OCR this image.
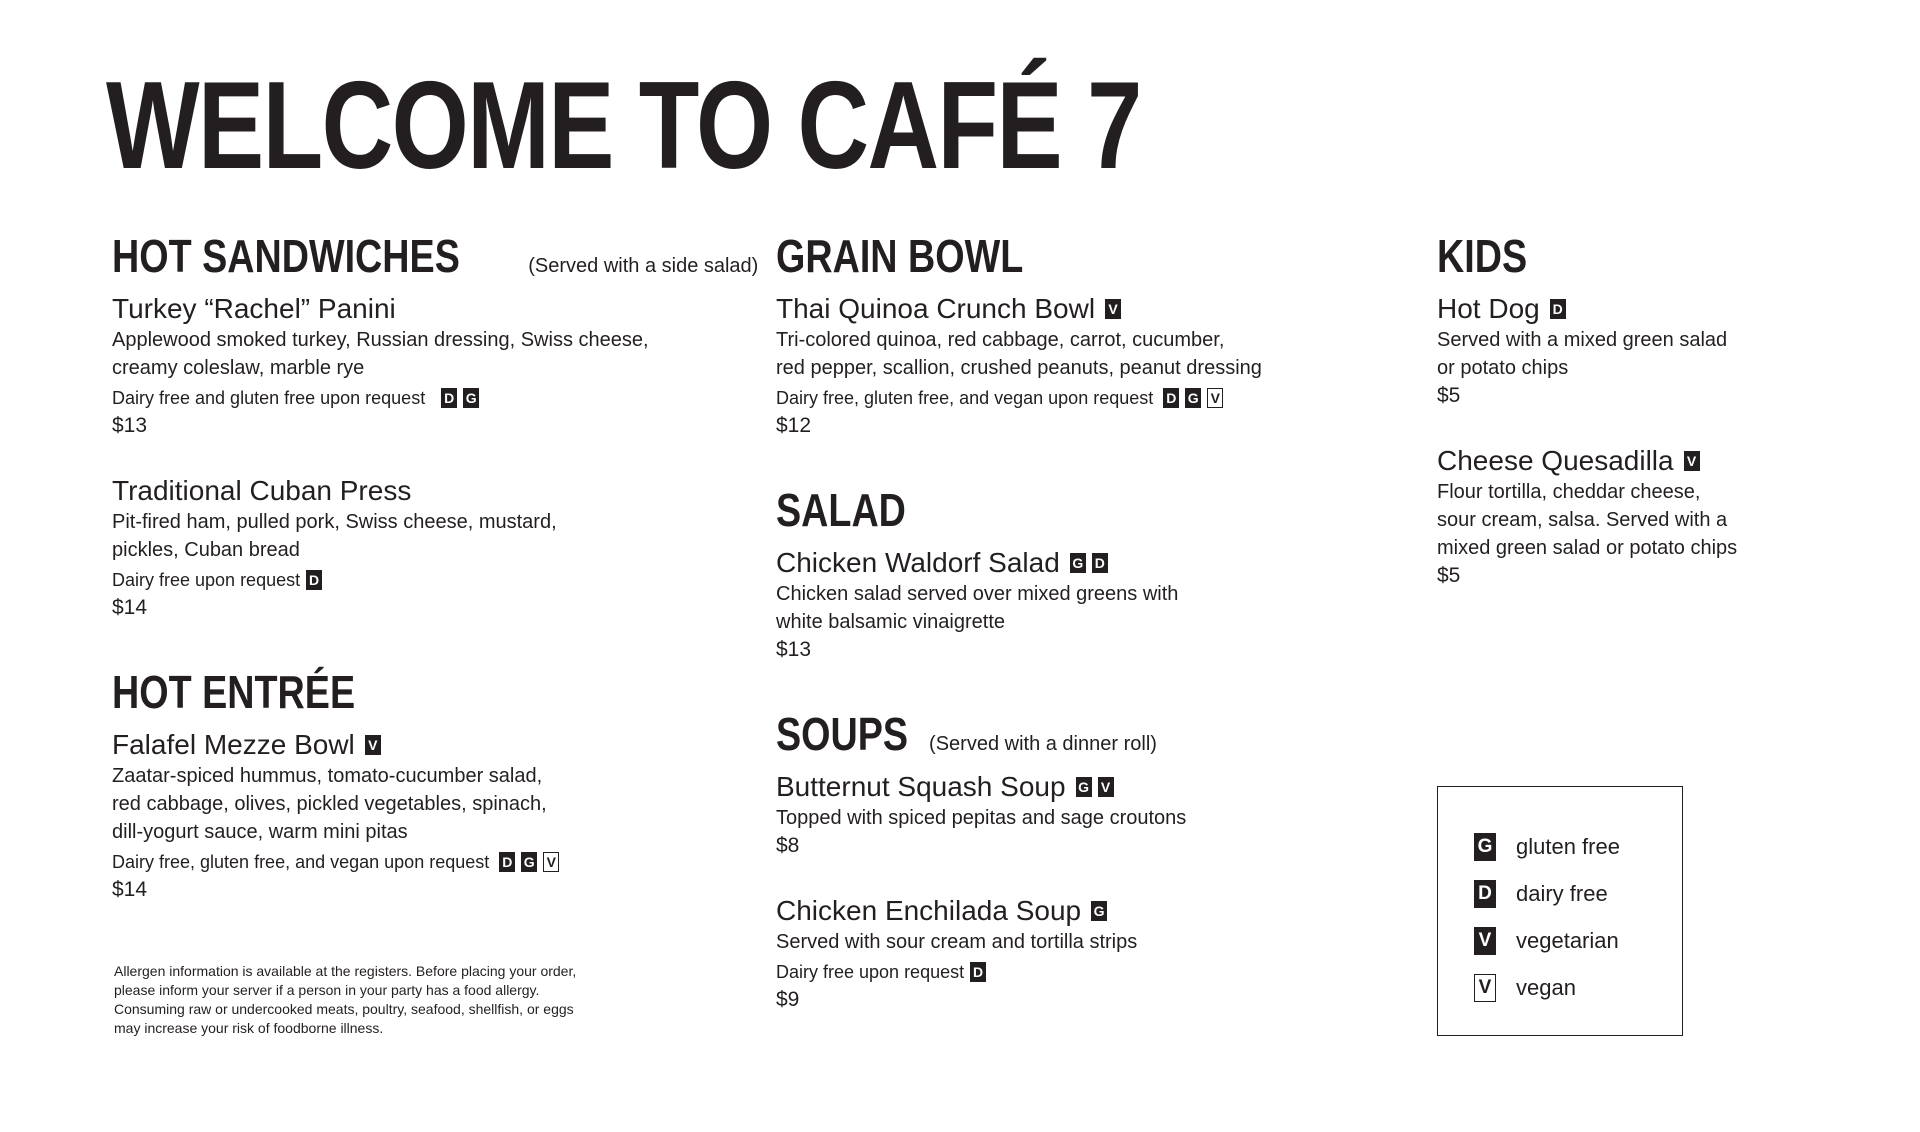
WELCOME TO CAFÉ 7
HOT SANDWICHES	(Served with a side salad)
Turkey “Rachel” Panini
Applewood smoked turkey, Russian dressing, Swiss cheese,
creamy coleslaw, marble rye
Dairy free and gluten free upon request D G
$13
Traditional Cuban Press
Pit-fired ham, pulled pork, Swiss cheese, mustard,
pickles, Cuban bread
Dairy free upon request D
$14
HOT ENTRÉE
Falafel Mezze Bowl V
Zaatar-spiced hummus, tomato-cucumber salad,
red cabbage, olives, pickled vegetables, spinach,
dill-yogurt sauce, warm mini pitas
Dairy free, gluten free, and vegan upon request D G V
$14

Allergen information is available at the registers. Before placing your order, please inform your server if a person in your party has a food allergy. Consuming raw or undercooked meats, poultry, seafood, shellfish, or eggs may increase your risk of foodborne illness.

GRAIN BOWL
Thai Quinoa Crunch Bowl V
Tri-colored quinoa, red cabbage, carrot, cucumber,
red pepper, scallion, crushed peanuts, peanut dressing
Dairy free, gluten free, and vegan upon request D G V
$12
SALAD
Chicken Waldorf Salad G D
Chicken salad served over mixed greens with
white balsamic vinaigrette
$13
SOUPS (Served with a dinner roll)
Butternut Squash Soup G V
Topped with spiced pepitas and sage croutons
$8
Chicken Enchilada Soup G
Served with sour cream and tortilla strips
Dairy free upon request D
$9
KIDS
Hot Dog D
Served with a mixed green salad
or potato chips
$5
Cheese Quesadilla V
Flour tortilla, cheddar cheese,
sour cream, salsa. Served with a
mixed green salad or potato chips
$5
G gluten free
D dairy free
V vegetarian
V vegan
